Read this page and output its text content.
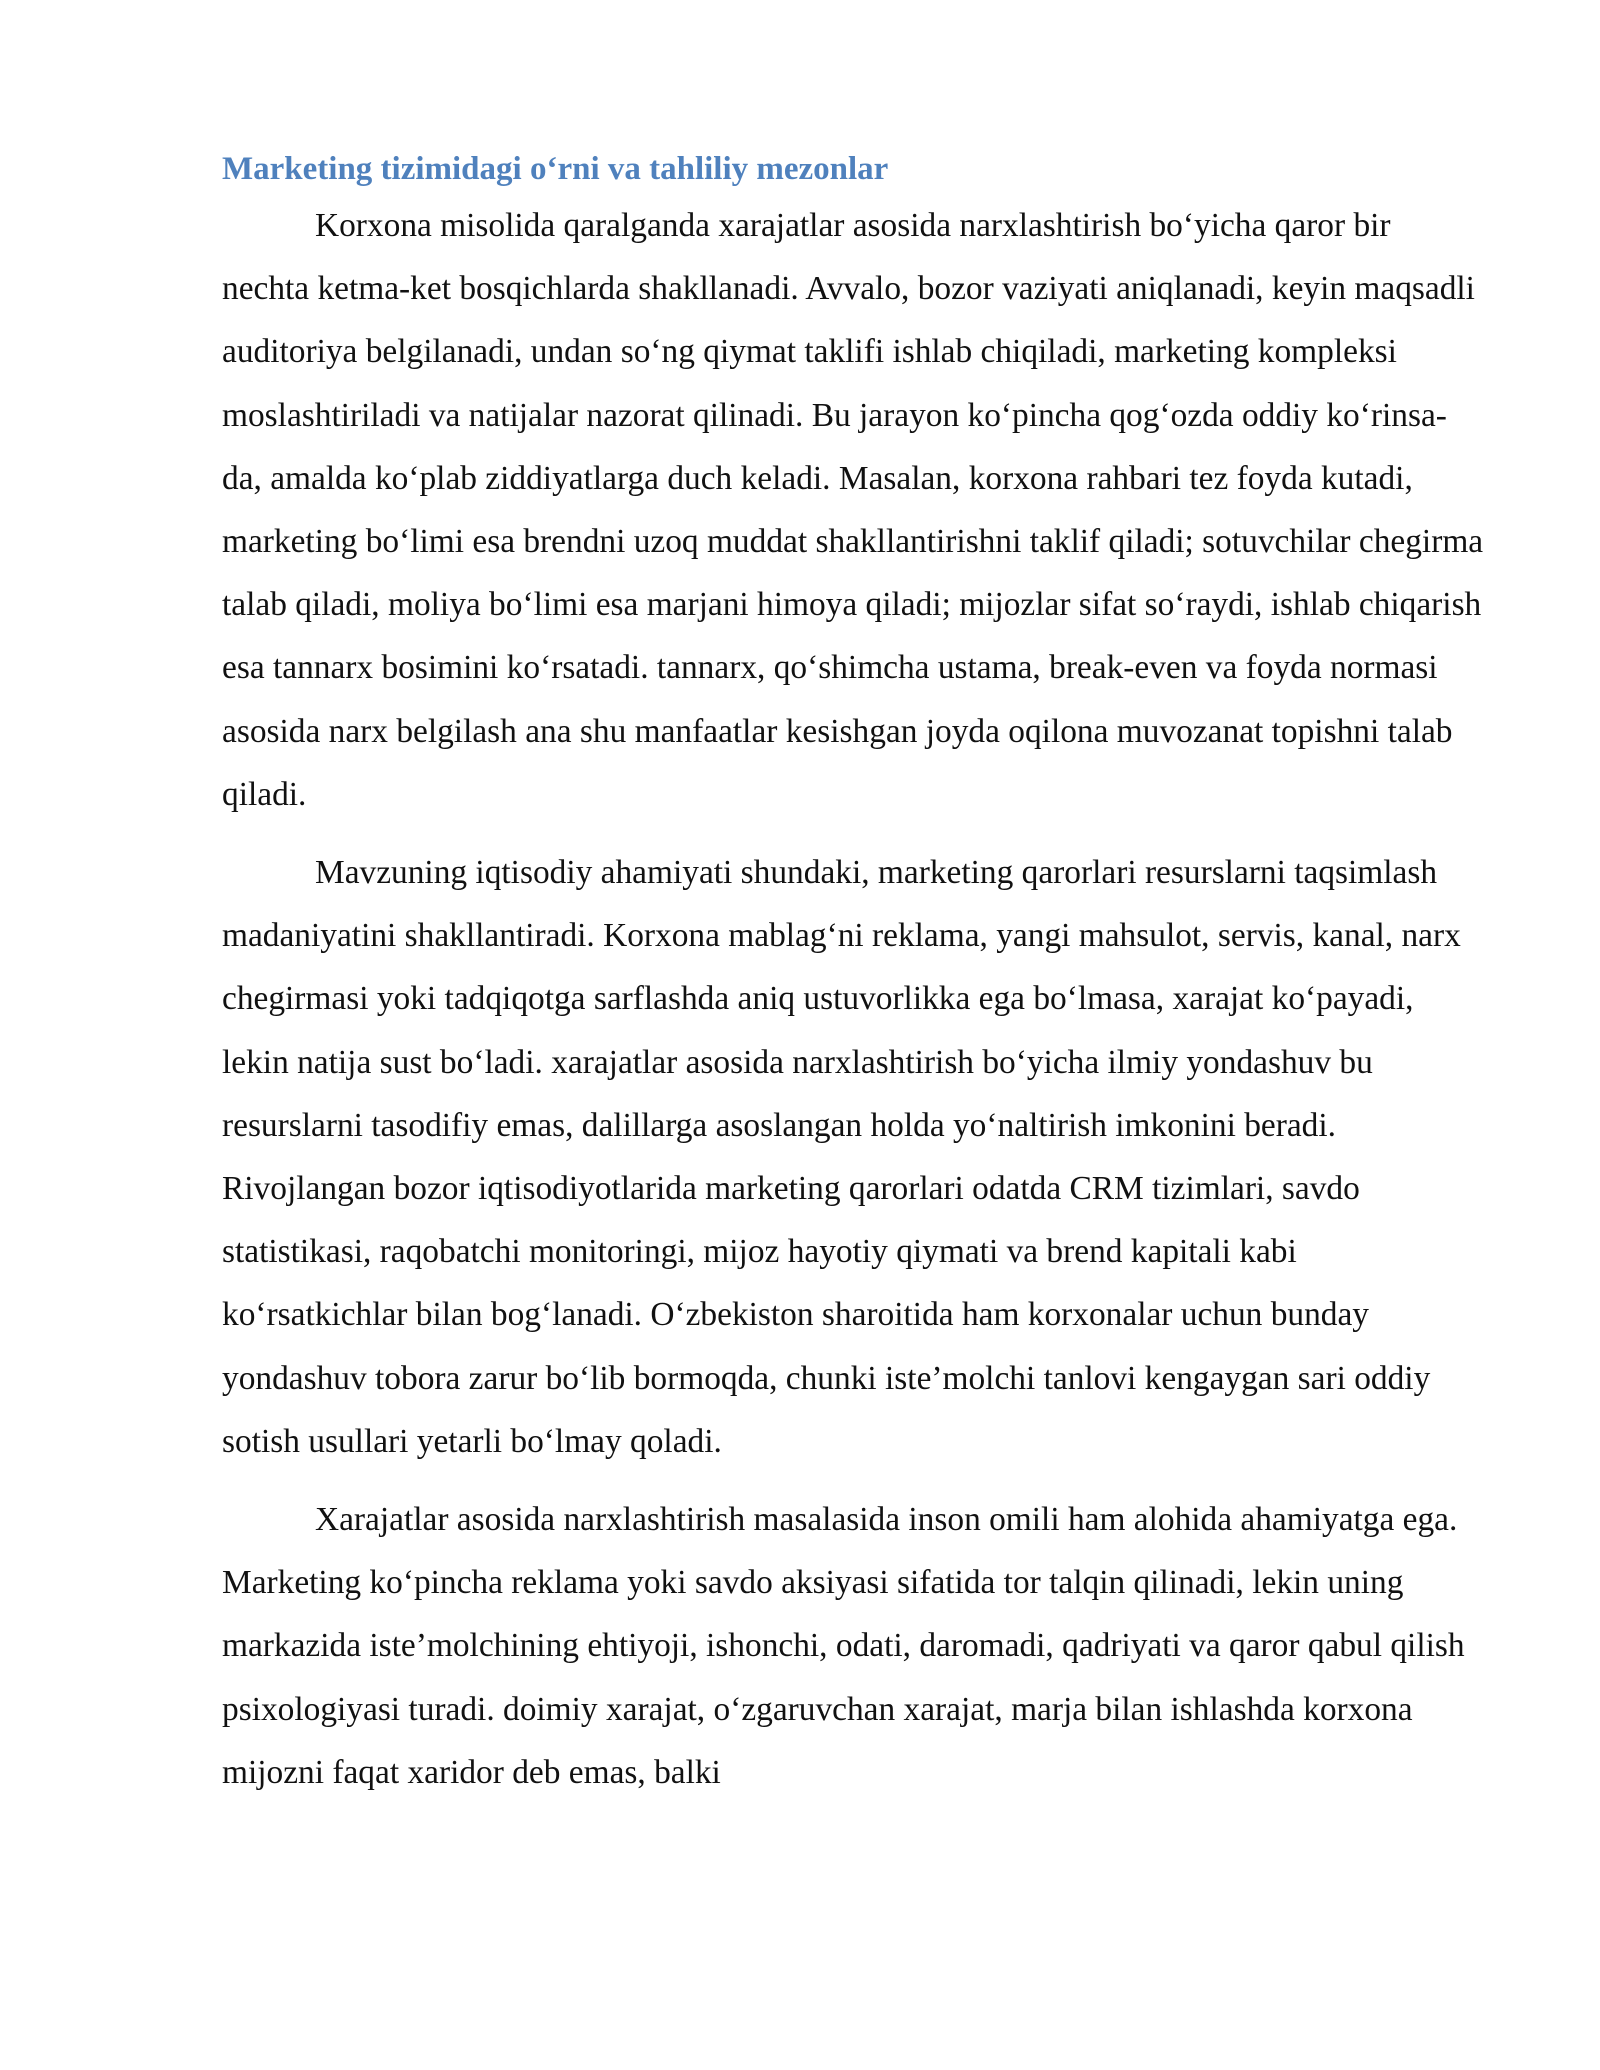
Marketing tizimidagi o‘rni va tahliliy mezonlar

Korxona misolida qaralganda xarajatlar asosida narxlashtirish bo‘yicha qaror bir nechta ketma-ket bosqichlarda shakllanadi. Avvalo, bozor vaziyati aniqlanadi, keyin maqsadli auditoriya belgilanadi, undan so‘ng qiymat taklifi ishlab chiqiladi, marketing kompleksi moslashtiriladi va natijalar nazorat qilinadi. Bu jarayon ko‘pincha qog‘ozda oddiy ko‘rinsa-da, amalda ko‘plab ziddiyatlarga duch keladi. Masalan, korxona rahbari tez foyda kutadi, marketing bo‘limi esa brendni uzoq muddat shakllantirishni taklif qiladi; sotuvchilar chegirma talab qiladi, moliya bo‘limi esa marjani himoya qiladi; mijozlar sifat so‘raydi, ishlab chiqarish esa tannarx bosimini ko‘rsatadi. tannarx, qo‘shimcha ustama, break-even va foyda normasi asosida narx belgilash ana shu manfaatlar kesishgan joyda oqilona muvozanat topishni talab qiladi.

Mavzuning iqtisodiy ahamiyati shundaki, marketing qarorlari resurslarni taqsimlash madaniyatini shakllantiradi. Korxona mablag‘ni reklama, yangi mahsulot, servis, kanal, narx chegirmasi yoki tadqiqotga sarflashda aniq ustuvorlikka ega bo‘lmasa, xarajat ko‘payadi, lekin natija sust bo‘ladi. xarajatlar asosida narxlashtirish bo‘yicha ilmiy yondashuv bu resurslarni tasodifiy emas, dalillarga asoslangan holda yo‘naltirish imkonini beradi. Rivojlangan bozor iqtisodiyotlarida marketing qarorlari odatda CRM tizimlari, savdo statistikasi, raqobatchi monitoringi, mijoz hayotiy qiymati va brend kapitali kabi ko‘rsatkichlar bilan bog‘lanadi. O‘zbekiston sharoitida ham korxonalar uchun bunday yondashuv tobora zarur bo‘lib bormoqda, chunki iste’molchi tanlovi kengaygan sari oddiy sotish usullari yetarli bo‘lmay qoladi.

Xarajatlar asosida narxlashtirish masalasida inson omili ham alohida ahamiyatga ega. Marketing ko‘pincha reklama yoki savdo aksiyasi sifatida tor talqin qilinadi, lekin uning markazida iste’molchining ehtiyoji, ishonchi, odati, daromadi, qadriyati va qaror qabul qilish psixologiyasi turadi. doimiy xarajat, o‘zgaruvchan xarajat, marja bilan ishlashda korxona mijozni faqat xaridor deb emas, balki
